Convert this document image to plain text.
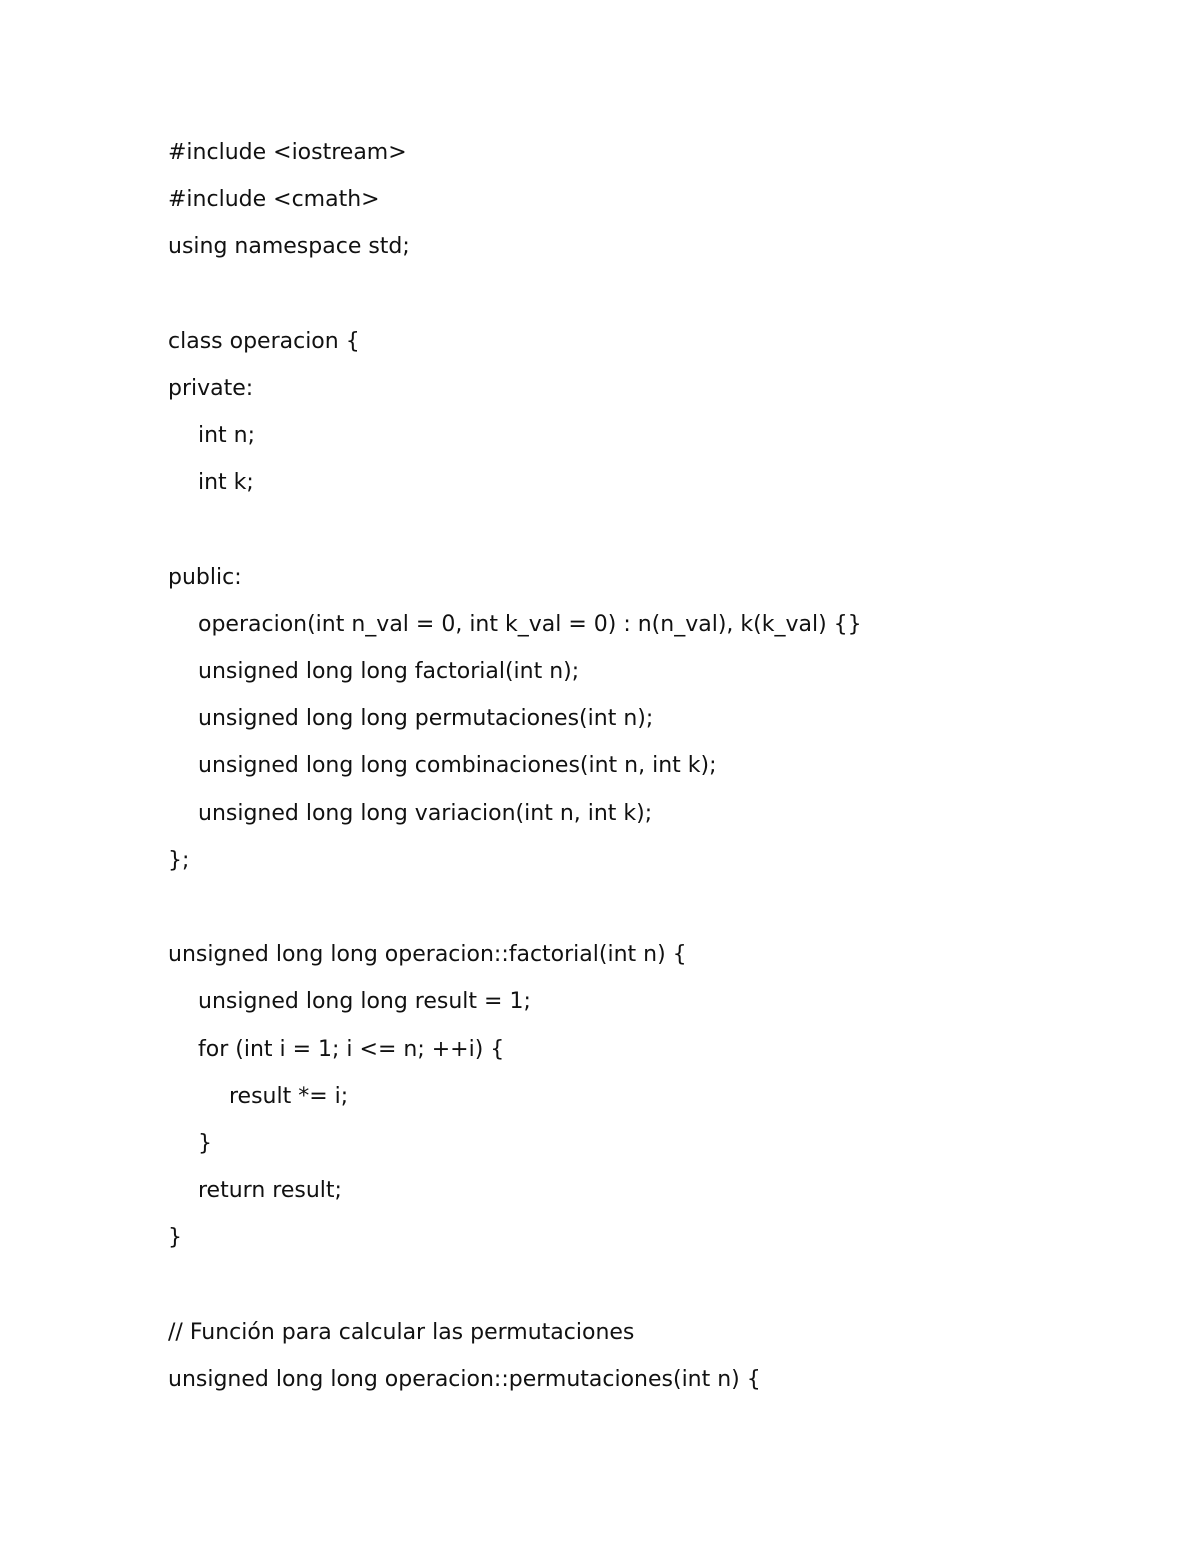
#include <iostream>
#include <cmath>
using namespace std;
class operacion {
private:
int n;
int k;
public:
operacion(int n_val = 0, int k_val = 0) : n(n_val), k(k_val) {}
unsigned long long factorial(int n);
unsigned long long permutaciones(int n);
unsigned long long combinaciones(int n, int k);
unsigned long long variacion(int n, int k);
};
unsigned long long operacion::factorial(int n) {
unsigned long long result = 1;
for (int i = 1; i <= n; ++i) {
result *= i;
}
return result;
}
// Función para calcular las permutaciones
unsigned long long operacion::permutaciones(int n) {
